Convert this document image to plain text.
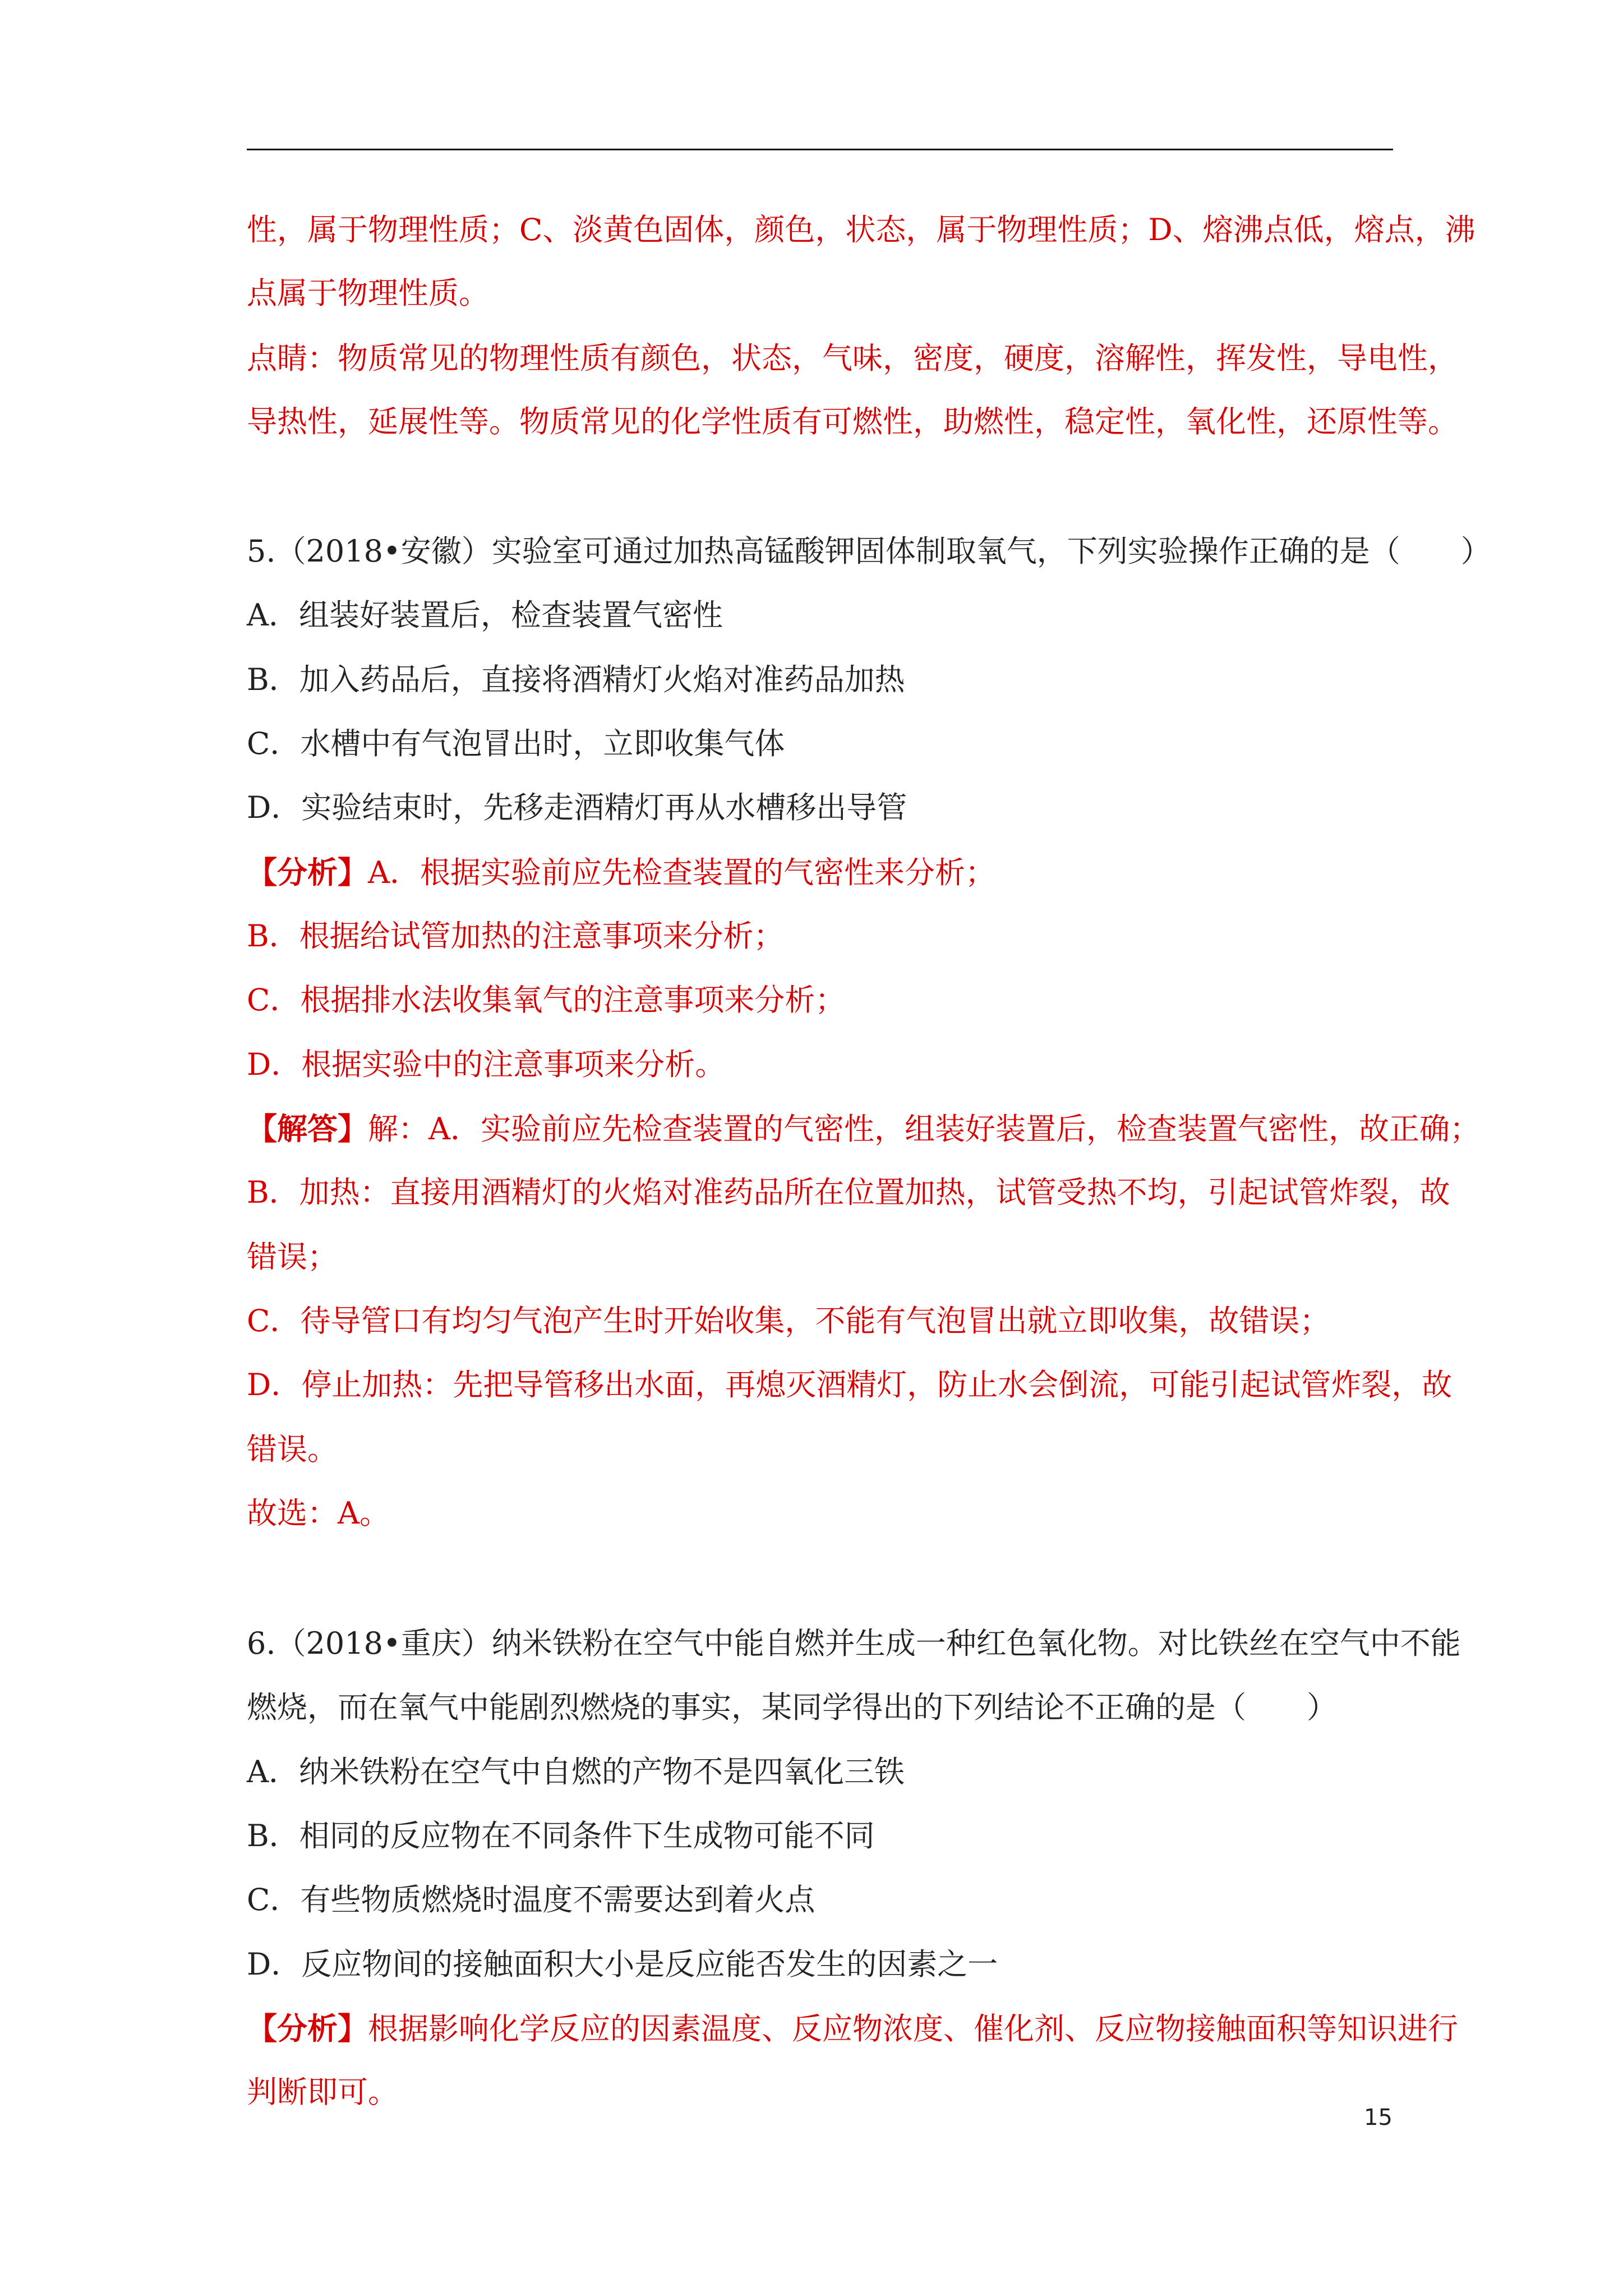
性，属于物理性质；C、淡黄色固体，颜色，状态，属于物理性质；D、熔沸点低，熔点，沸
点属于物理性质。
点睛：物质常见的物理性质有颜色，状态，气味，密度，硬度，溶解性，挥发性，导电性，
导热性，延展性等。物质常见的化学性质有可燃性，助燃性，稳定性，氧化性，还原性等。
5.（2018•安徽）实验室可通过加热高锰酸钾固体制取氧气，下列实验操作正确的是（　　）
A．组装好装置后，检查装置气密性
B．加入药品后，直接将酒精灯火焰对准药品加热
C．水槽中有气泡冒出时，立即收集气体
D．实验结束时，先移走酒精灯再从水槽移出导管
【分析】A．根据实验前应先检查装置的气密性来分析；
B．根据给试管加热的注意事项来分析；
C．根据排水法收集氧气的注意事项来分析；
D．根据实验中的注意事项来分析。
【解答】解：A．实验前应先检查装置的气密性，组装好装置后，检查装置气密性，故正确；
B．加热：直接用酒精灯的火焰对准药品所在位置加热，试管受热不均，引起试管炸裂，故
错误；
C．待导管口有均匀气泡产生时开始收集，不能有气泡冒出就立即收集，故错误；
D．停止加热：先把导管移出水面，再熄灭酒精灯，防止水会倒流，可能引起试管炸裂，故
错误。
故选：A。
6.（2018•重庆）纳米铁粉在空气中能自燃并生成一种红色氧化物。对比铁丝在空气中不能
燃烧，而在氧气中能剧烈燃烧的事实，某同学得出的下列结论不正确的是（　　）
A．纳米铁粉在空气中自燃的产物不是四氧化三铁
B．相同的反应物在不同条件下生成物可能不同
C．有些物质燃烧时温度不需要达到着火点
D．反应物间的接触面积大小是反应能否发生的因素之一
【分析】根据影响化学反应的因素温度、反应物浓度、催化剂、反应物接触面积等知识进行
判断即可。
15
